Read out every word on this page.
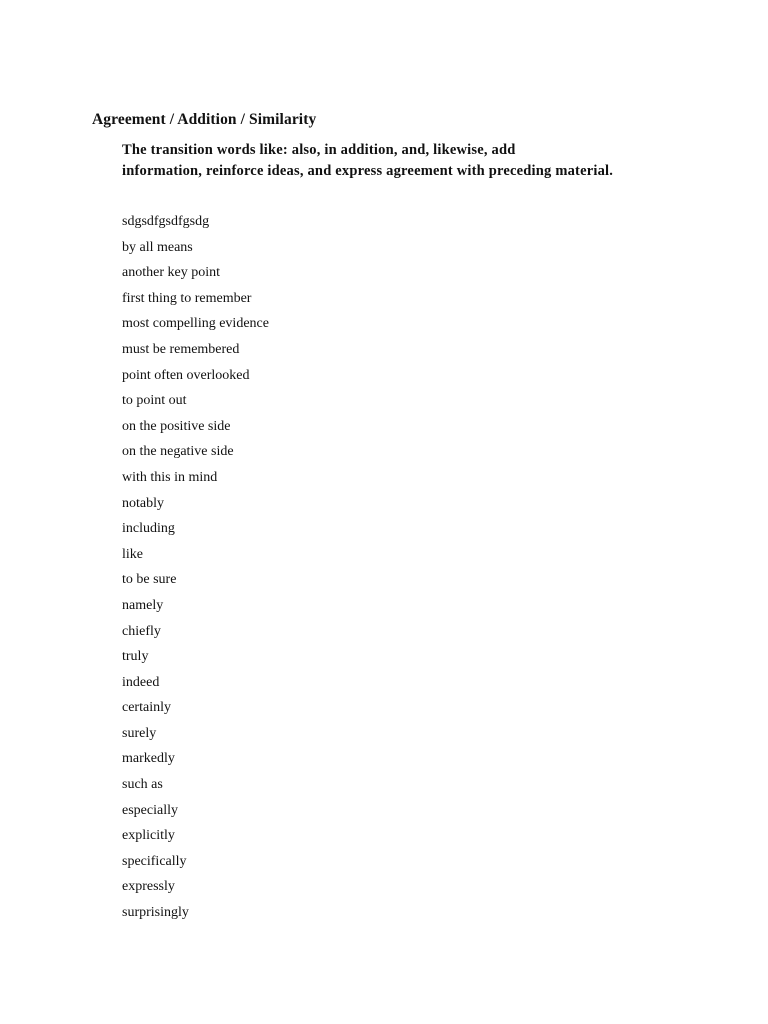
Agreement / Addition / Similarity
The transition words like: also, in addition, and, likewise, add
information, reinforce ideas, and express agreement with preceding material.
sdgsdfgsdfgsdg
by all means
another key point
first thing to remember
most compelling evidence
must be remembered
point often overlooked
to point out
on the positive side
on the negative side
with this in mind
notably
including
like
to be sure
namely
chiefly
truly
indeed
certainly
surely
markedly
such as
especially
explicitly
specifically
expressly
surprisingly
